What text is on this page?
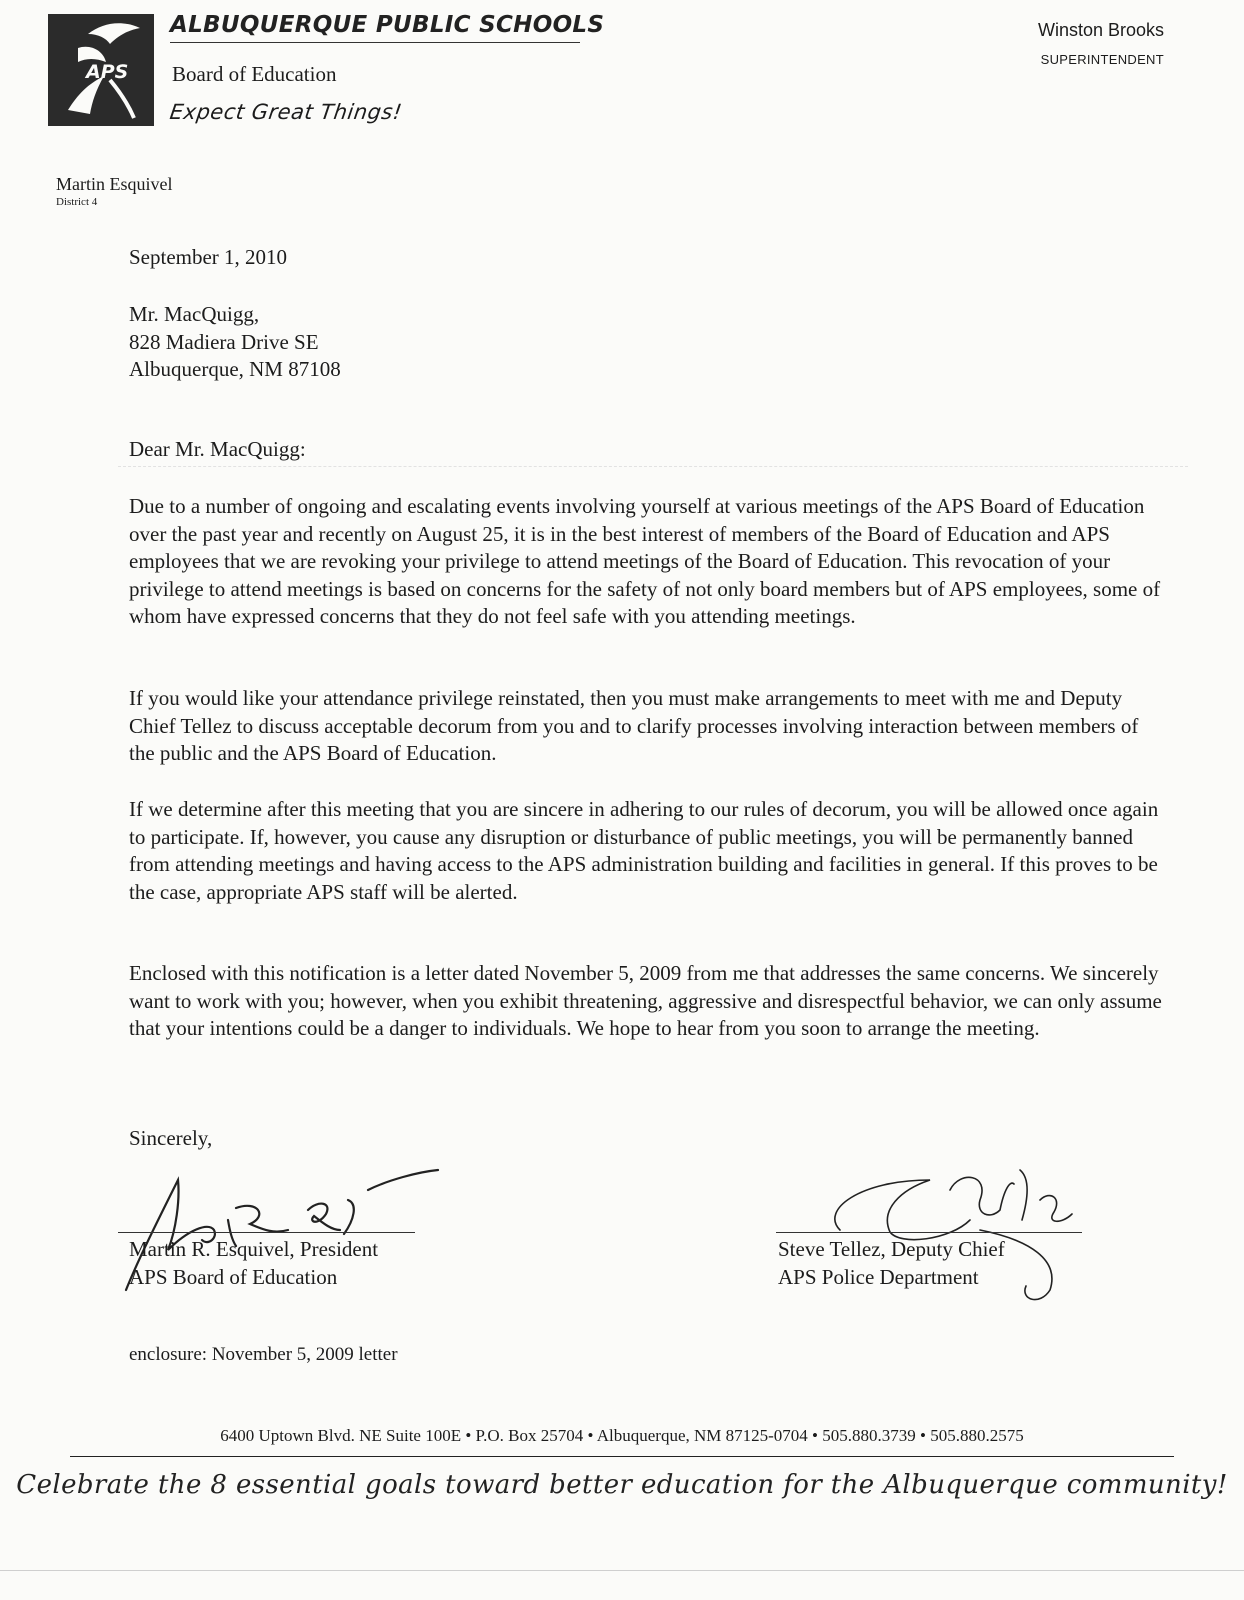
APS
ALBUQUERQUE PUBLIC SCHOOLS
Board of Education
Expect Great Things!
Winston Brooks
SUPERINTENDENT
Martin Esquivel
District 4
September 1, 2010
Mr. MacQuigg,
828 Madiera Drive SE
Albuquerque, NM 87108
Dear Mr. MacQuigg:
Due to a number of ongoing and escalating events involving yourself at various meetings of the APS Board of Education over the past year and recently on August 25, it is in the best interest of members of the Board of Education and APS employees that we are revoking your privilege to attend meetings of the Board of Education. This revocation of your privilege to attend meetings is based on concerns for the safety of not only board members but of APS employees, some of whom have expressed concerns that they do not feel safe with you attending meetings.
If you would like your attendance privilege reinstated, then you must make arrangements to meet with me and Deputy Chief Tellez to discuss acceptable decorum from you and to clarify processes involving interaction between members of the public and the APS Board of Education.
If we determine after this meeting that you are sincere in adhering to our rules of decorum, you will be allowed once again to participate. If, however, you cause any disruption or disturbance of public meetings, you will be permanently banned from attending meetings and having access to the APS administration building and facilities in general. If this proves to be the case, appropriate APS staff will be alerted.
Enclosed with this notification is a letter dated November 5, 2009 from me that addresses the same concerns. We sincerely want to work with you; however, when you exhibit threatening, aggressive and disrespectful behavior, we can only assume that your intentions could be a danger to individuals. We hope to hear from you soon to arrange the meeting.
Sincerely,
Martin R. Esquivel, President
APS Board of Education
Steve Tellez, Deputy Chief
APS Police Department
enclosure: November 5, 2009 letter
6400 Uptown Blvd. NE Suite 100E • P.O. Box 25704 • Albuquerque, NM 87125-0704 • 505.880.3739 • 505.880.2575
Celebrate the 8 essential goals toward better education for the Albuquerque community!
